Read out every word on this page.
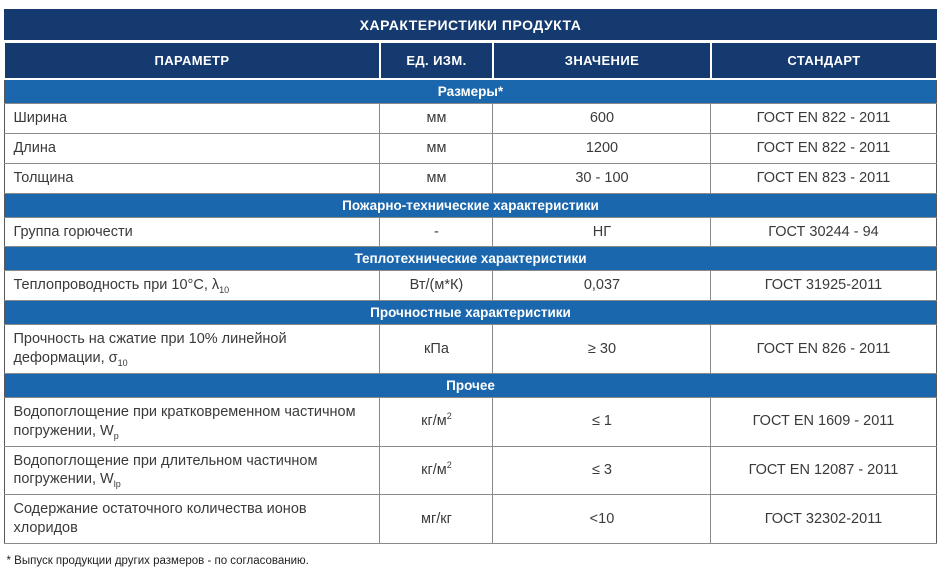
ХАРАКТЕРИСТИКИ ПРОДУКТА			
ПАРАМЕТР	ЕД. ИЗМ.	ЗНАЧЕНИЕ	СТАНДАРТ
Размеры*			
Ширина	мм	600	ГОСТ EN 822 - 2011
Длина	мм	1200	ГОСТ EN 822 - 2011
Толщина	мм	30 - 100	ГОСТ EN 823 - 2011
Пожарно-технические характеристики			
Группа горючести	-	НГ	ГОСТ 30244 - 94
Теплотехнические характеристики			
Теплопроводность при 10°С, $\lambda_{10}$	Вт/(м*К)	0,037	ГОСТ 31925-2011
Прочностные характеристики			
Прочность на сжатие при 10% линейной деформации, $\sigma_{10}$	кПа	≥ 30	ГОСТ EN 826 - 2011
Прочее			
Водопоглощение при кратковременном частичном погружении, $W_p$	$кг/м^2$	≤ 1	ГОСТ EN 1609 - 2011
Водопоглощение при длительном частичном погружении, $W_{lp}$	$кг/м^2$	≤ 3	ГОСТ EN 12087 - 2011
Содержание остаточного количества ионов хлоридов	мг/кг	<10	ГОСТ 32302-2011
* Выпуск продукции других размеров - по согласованию.
